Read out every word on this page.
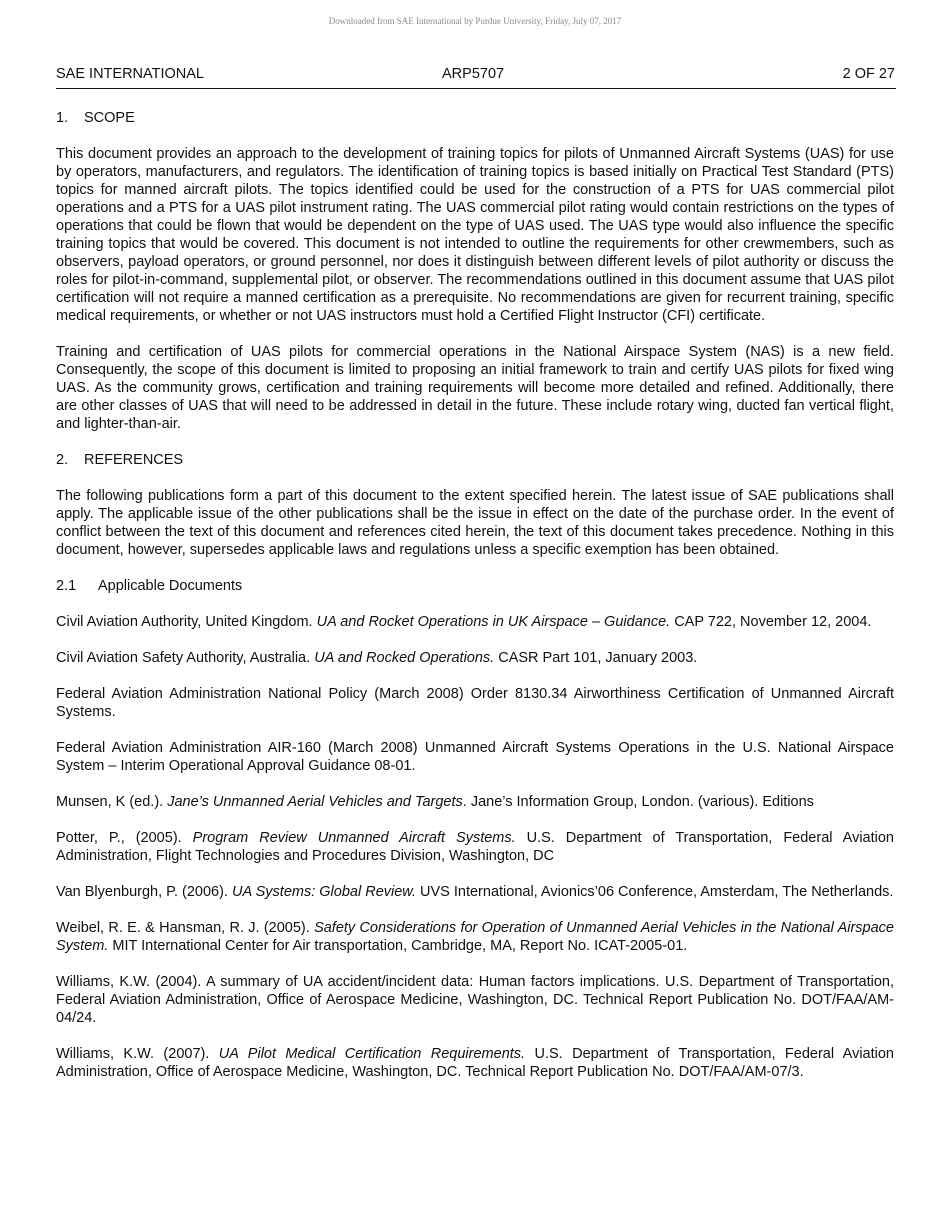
Downloaded from SAE International by Purdue University, Friday, July 07, 2017
SAE INTERNATIONAL	ARP5707	2 OF 27
1. SCOPE

This document provides an approach to the development of training topics for pilots of Unmanned Aircraft Systems (UAS) for use by operators, manufacturers, and regulators. The identification of training topics is based initially on Practical Test Standard (PTS) topics for manned aircraft pilots. The topics identified could be used for the construction of a PTS for UAS commercial pilot operations and a PTS for a UAS pilot instrument rating. The UAS commercial pilot rating would contain restrictions on the types of operations that could be flown that would be dependent on the type of UAS used. The UAS type would also influence the specific training topics that would be covered. This document is not intended to outline the requirements for other crewmembers, such as observers, payload operators, or ground personnel, nor does it distinguish between different levels of pilot authority or discuss the roles for pilot-in-command, supplemental pilot, or observer. The recommendations outlined in this document assume that UAS pilot certification will not require a manned certification as a prerequisite. No recommendations are given for recurrent training, specific medical requirements, or whether or not UAS instructors must hold a Certified Flight Instructor (CFI) certificate.

Training and certification of UAS pilots for commercial operations in the National Airspace System (NAS) is a new field. Consequently, the scope of this document is limited to proposing an initial framework to train and certify UAS pilots for fixed wing UAS. As the community grows, certification and training requirements will become more detailed and refined. Additionally, there are other classes of UAS that will need to be addressed in detail in the future. These include rotary wing, ducted fan vertical flight, and lighter-than-air.

2. REFERENCES

The following publications form a part of this document to the extent specified herein. The latest issue of SAE publications shall apply. The applicable issue of the other publications shall be the issue in effect on the date of the purchase order. In the event of conflict between the text of this document and references cited herein, the text of this document takes precedence. Nothing in this document, however, supersedes applicable laws and regulations unless a specific exemption has been obtained.

2.1 Applicable Documents

Civil Aviation Authority, United Kingdom. UA and Rocket Operations in UK Airspace – Guidance. CAP 722, November 12, 2004.

Civil Aviation Safety Authority, Australia. UA and Rocked Operations. CASR Part 101, January 2003.

Federal Aviation Administration National Policy (March 2008) Order 8130.34 Airworthiness Certification of Unmanned Aircraft Systems.

Federal Aviation Administration AIR-160 (March 2008) Unmanned Aircraft Systems Operations in the U.S. National Airspace System – Interim Operational Approval Guidance 08-01.

Munsen, K (ed.). Jane’s Unmanned Aerial Vehicles and Targets. Jane’s Information Group, London. (various). Editions

Potter, P., (2005). Program Review Unmanned Aircraft Systems. U.S. Department of Transportation, Federal Aviation Administration, Flight Technologies and Procedures Division, Washington, DC

Van Blyenburgh, P. (2006). UA Systems: Global Review. UVS International, Avionics’06 Conference, Amsterdam, The Netherlands.

Weibel, R. E. & Hansman, R. J. (2005). Safety Considerations for Operation of Unmanned Aerial Vehicles in the National Airspace System. MIT International Center for Air transportation, Cambridge, MA, Report No. ICAT-2005-01.

Williams, K.W. (2004). A summary of UA accident/incident data: Human factors implications. U.S. Department of Transportation, Federal Aviation Administration, Office of Aerospace Medicine, Washington, DC. Technical Report Publication No. DOT/FAA/AM-04/24.

Williams, K.W. (2007). UA Pilot Medical Certification Requirements. U.S. Department of Transportation, Federal Aviation Administration, Office of Aerospace Medicine, Washington, DC. Technical Report Publication No. DOT/FAA/AM-07/3.
